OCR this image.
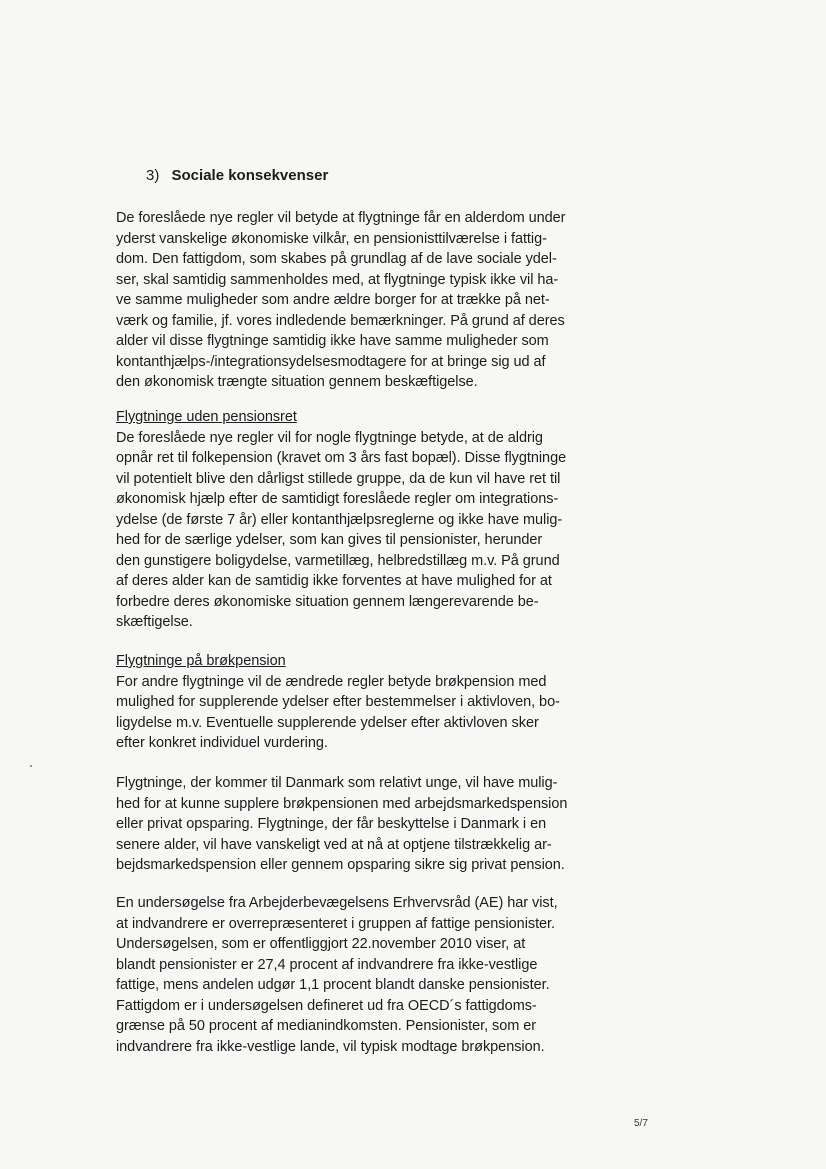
3) Sociale konsekvenser
De foreslåede nye regler vil betyde at flygtninge får en alderdom under
yderst vanskelige økonomiske vilkår, en pensionisttilværelse i fattig-
dom. Den fattigdom, som skabes på grundlag af de lave sociale ydel-
ser, skal samtidig sammenholdes med, at flygtninge typisk ikke vil ha-
ve samme muligheder som andre ældre borger for at trække på net-
værk og familie, jf. vores indledende bemærkninger. På grund af deres
alder vil disse flygtninge samtidig ikke have samme muligheder som
kontanthjælps-/integrationsydelsesmodtagere for at bringe sig ud af
den økonomisk trængte situation gennem beskæftigelse.
Flygtninge uden pensionsret
De foreslåede nye regler vil for nogle flygtninge betyde, at de aldrig
opnår ret til folkepension (kravet om 3 års fast bopæl). Disse flygtninge
vil potentielt blive den dårligst stillede gruppe, da de kun vil have ret til
økonomisk hjælp efter de samtidigt foreslåede regler om integrations-
ydelse (de første 7 år) eller kontanthjælpsreglerne og ikke have mulig-
hed for de særlige ydelser, som kan gives til pensionister, herunder
den gunstigere boligydelse, varmetillæg, helbredstillæg m.v. På grund
af deres alder kan de samtidig ikke forventes at have mulighed for at
forbedre deres økonomiske situation gennem længerevarende be-
skæftigelse.
Flygtninge på brøkpension
For andre flygtninge vil de ændrede regler betyde brøkpension med
mulighed for supplerende ydelser efter bestemmelser i aktivloven, bo-
ligydelse m.v. Eventuelle supplerende ydelser efter aktivloven sker
efter konkret individuel vurdering.
Flygtninge, der kommer til Danmark som relativt unge, vil have mulig-
hed for at kunne supplere brøkpensionen med arbejdsmarkedspension
eller privat opsparing. Flygtninge, der får beskyttelse i Danmark i en
senere alder, vil have vanskeligt ved at nå at optjene tilstrækkelig ar-
bejdsmarkedspension eller gennem opsparing sikre sig privat pension.
En undersøgelse fra Arbejderbevægelsens Erhvervsråd (AE) har vist,
at indvandrere er overrepræsenteret i gruppen af fattige pensionister.
Undersøgelsen, som er offentliggjort 22.november 2010 viser, at
blandt pensionister er 27,4 procent af indvandrere fra ikke-vestlige
fattige, mens andelen udgør 1,1 procent blandt danske pensionister.
Fattigdom er i undersøgelsen defineret ud fra OECD´s fattigdoms-
grænse på 50 procent af medianindkomsten. Pensionister, som er
indvandrere fra ikke-vestlige lande, vil typisk modtage brøkpension.
5/7
